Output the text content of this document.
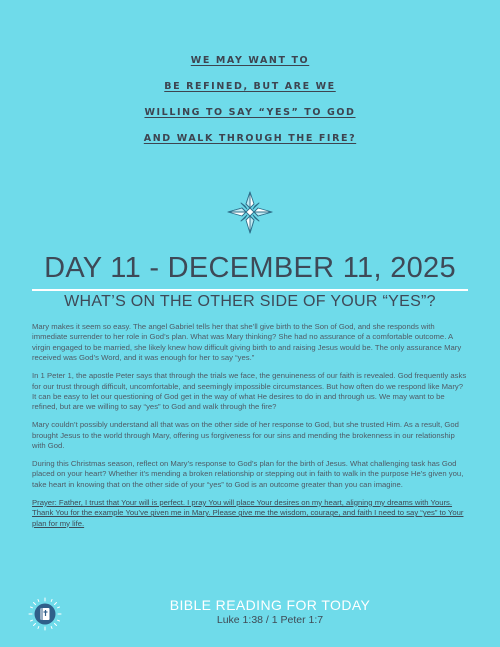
WE MAY WANT TO
BE REFINED, BUT ARE WE
WILLING TO SAY “YES” TO GOD
AND WALK THROUGH THE FIRE?
DAY 11 - DECEMBER 11, 2025
WHAT’S ON THE OTHER SIDE OF YOUR “YES”?

Mary makes it seem so easy. The angel Gabriel tells her that she’ll give birth to the Son of God, and she responds with immediate surrender to her role in God’s plan. What was Mary thinking? She had no assurance of a comfortable outcome. A virgin engaged to be married, she likely knew how difficult giving birth to and raising Jesus would be. The only assurance Mary received was God’s Word, and it was enough for her to say “yes.”

In 1 Peter 1, the apostle Peter says that through the trials we face, the genuineness of our faith is revealed. God frequently asks for our trust through difficult, uncomfortable, and seemingly impossible circumstances. But how often do we respond like Mary? It can be easy to let our questioning of God get in the way of what He desires to do in and through us. We may want to be refined, but are we willing to say “yes” to God and walk through the fire?

Mary couldn’t possibly understand all that was on the other side of her response to God, but she trusted Him. As a result, God brought Jesus to the world through Mary, offering us forgiveness for our sins and mending the brokenness in our relationship with God.

During this Christmas season, reflect on Mary’s response to God’s plan for the birth of Jesus. What challenging task has God placed on your heart? Whether it’s mending a broken relationship or stepping out in faith to walk in the purpose He’s given you, take heart in knowing that on the other side of your “yes” to God is an outcome greater than you can imagine.

Prayer: Father, I trust that Your will is perfect. I pray You will place Your desires on my heart, aligning my dreams with Yours. Thank You for the example You’ve given me in Mary. Please give me the wisdom, courage, and faith I need to say “yes” to Your plan for my life.

BIBLE READING FOR TODAY
Luke 1:38 / 1 Peter 1:7
